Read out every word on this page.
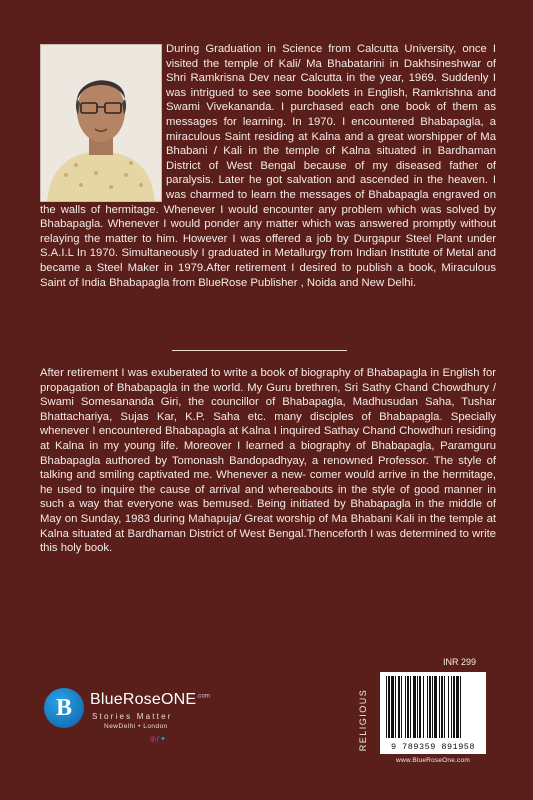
During Graduation in Science from Calcutta University, once I visited the temple of Kali/ Ma Bhabatarini in Dakhsineshwar of Shri Ramkrisna Dev near Calcutta in the year, 1969. Suddenly I was intrigued to see some booklets in English, Ramkrishna and Swami Vivekananda. I purchased each one book of them as messages for learning. In 1970. I encountered Bhabapagla, a miraculous Saint residing at Kalna and a great worshipper of Ma Bhabani / Kali in the temple of Kalna situated in Bardhaman District of West Bengal because of my diseased father of paralysis. Later he got salvation and ascended in the heaven. I was charmed to learn the messages of Bhabapagla engraved on the walls of hermitage. Whenever I would encounter any problem which was solved by Bhabapagla. Whenever I would ponder any matter which was answered promptly without relaying the matter to him. However I was offered a job by Durgapur Steel Plant under S.A.I.L In 1970. Simultaneously I graduated in Metallurgy from Indian Institute of Metal and became a Steel Maker in 1979.After retirement I desired to publish a book, Miraculous Saint of India Bhabapagla from BlueRose Publisher , Noida and New Delhi.

After retirement I was exuberated to write a book of biography of Bhabapagla in English for propagation of Bhabapagla in the world. My Guru brethren, Sri Sathy Chand Chowdhury / Swami Somesananda Giri, the councillor of Bhabapagla, Madhusudan Saha, Tushar Bhattachariya, Sujas Kar, K.P. Saha etc. many disciples of Bhabapagla. Specially whenever I encountered Bhabapagla at Kalna I inquired Sathay Chand Chowdhuri residing at Kalna in my young life. Moreover I learned a biography of Bhabapagla, Paramguru Bhabapagla authored by Tomonash Bandopadhyay, a renowned Professor. The style of talking and smiling captivated me. Whenever a new- comer would arrive in the hermitage, he used to inquire the cause of arrival and whereabouts in the style of good manner in such a way that everyone was bemused. Being initiated by Bhabapagla in the middle of May on Sunday, 1983 during Mahapuja/ Great worship of Ma Bhabani Kali in the temple at Kalna situated at Bardhaman District of West Bengal.Thenceforth I was determined to write this holy book.

B	BlueRoseONE$^{.com}$
Stories Matter
NewDelhi • London
◎ƒ✦
INR 299
RELIGIOUS	9 789359 891958
www.BlueRoseOne.com
